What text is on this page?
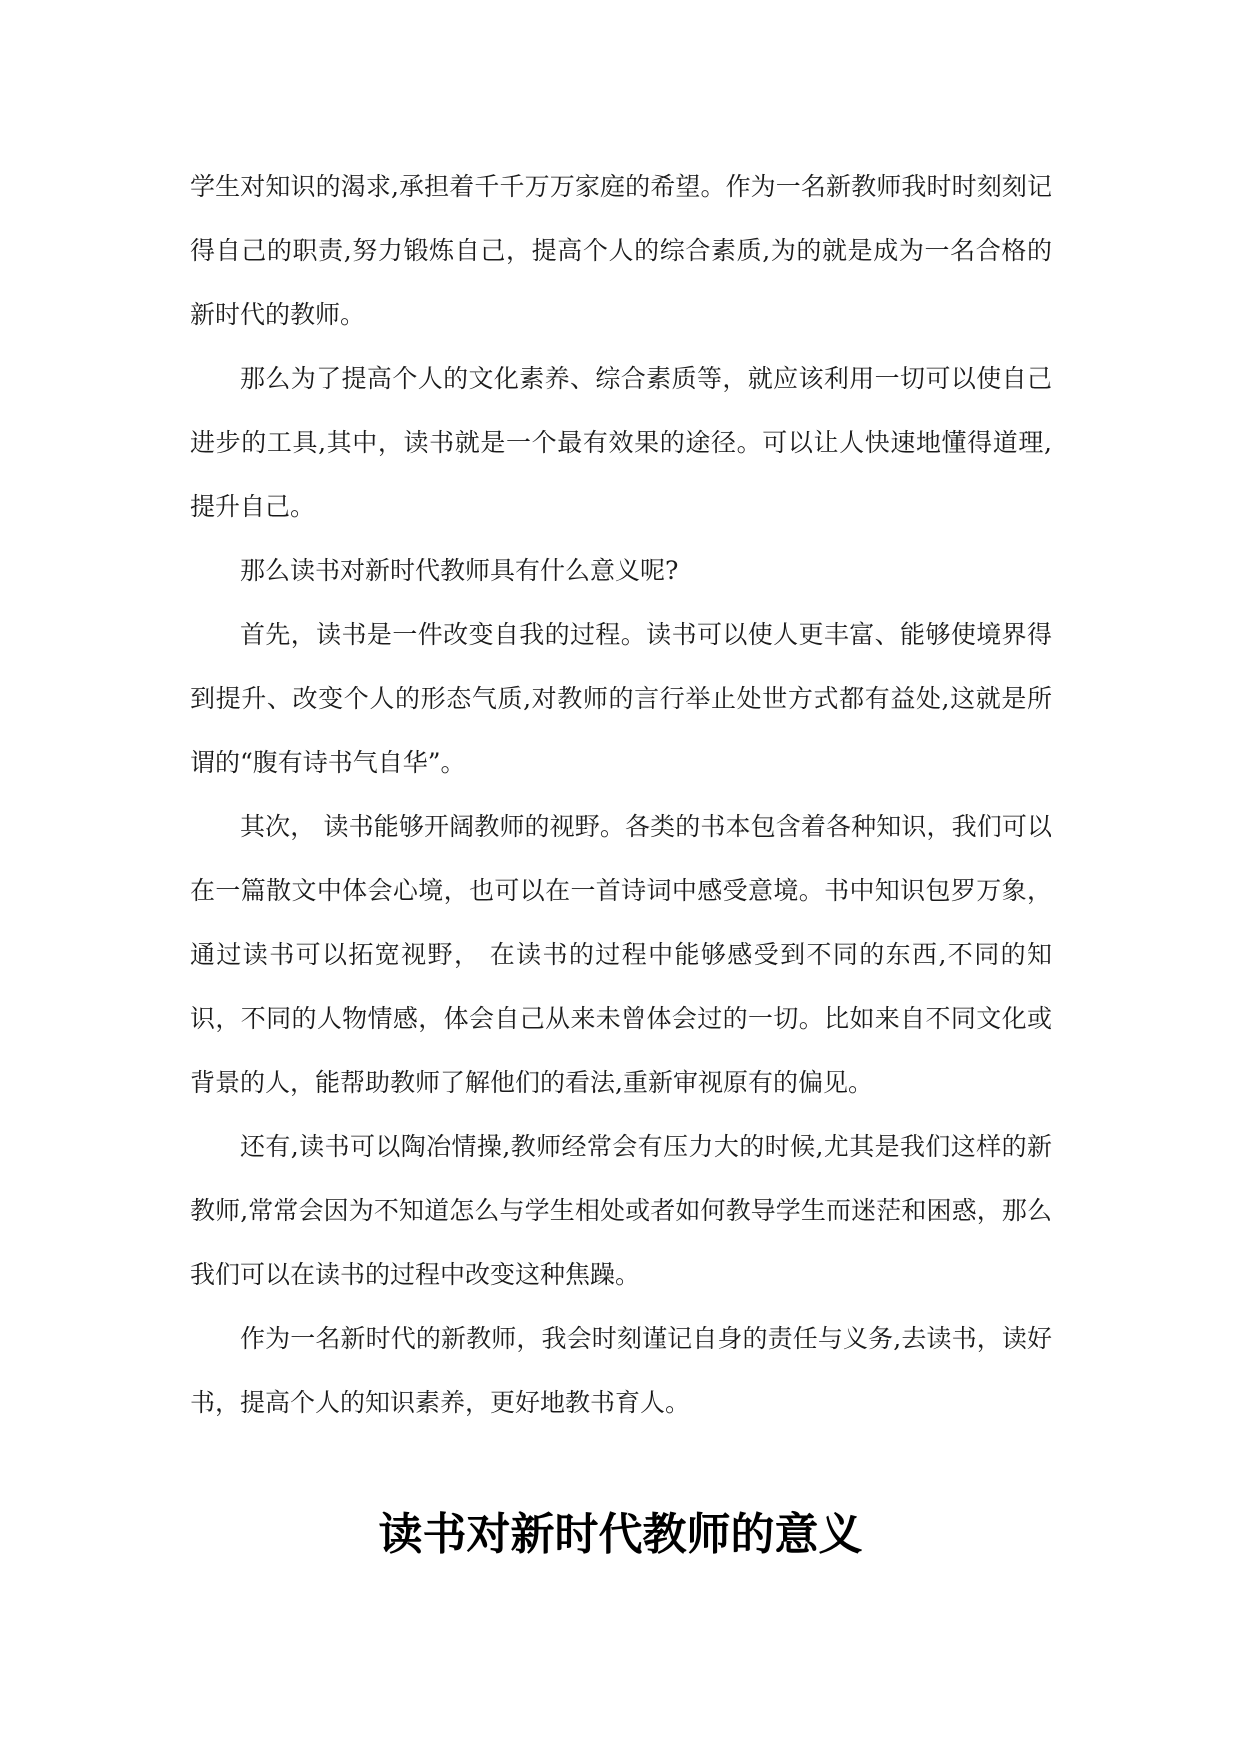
学生对知识的渴求,承担着千千万万家庭的希望。作为一名新教师我时时刻刻记得自己的职责,努力锻炼自己，提高个人的综合素质,为的就是成为一名合格的新时代的教师。

那么为了提高个人的文化素养、综合素质等，就应该利用一切可以使自己进步的工具,其中，读书就是一个最有效果的途径。可以让人快速地懂得道理,提升自己。

那么读书对新时代教师具有什么意义呢?

首先，读书是一件改变自我的过程。读书可以使人更丰富、能够使境界得到提升、改变个人的形态气质,对教师的言行举止处世方式都有益处,这就是所谓的“腹有诗书气自华”。

其次， 读书能够开阔教师的视野。各类的书本包含着各种知识，我们可以在一篇散文中体会心境，也可以在一首诗词中感受意境。书中知识包罗万象，通过读书可以拓宽视野， 在读书的过程中能够感受到不同的东西,不同的知识，不同的人物情感，体会自己从来未曾体会过的一切。比如来自不同文化或背景的人，能帮助教师了解他们的看法,重新审视原有的偏见。

还有,读书可以陶冶情操,教师经常会有压力大的时候,尤其是我们这样的新教师,常常会因为不知道怎么与学生相处或者如何教导学生而迷茫和困惑，那么我们可以在读书的过程中改变这种焦躁。

作为一名新时代的新教师，我会时刻谨记自身的责任与义务,去读书，读好书，提高个人的知识素养，更好地教书育人。

读书对新时代教师的意义
